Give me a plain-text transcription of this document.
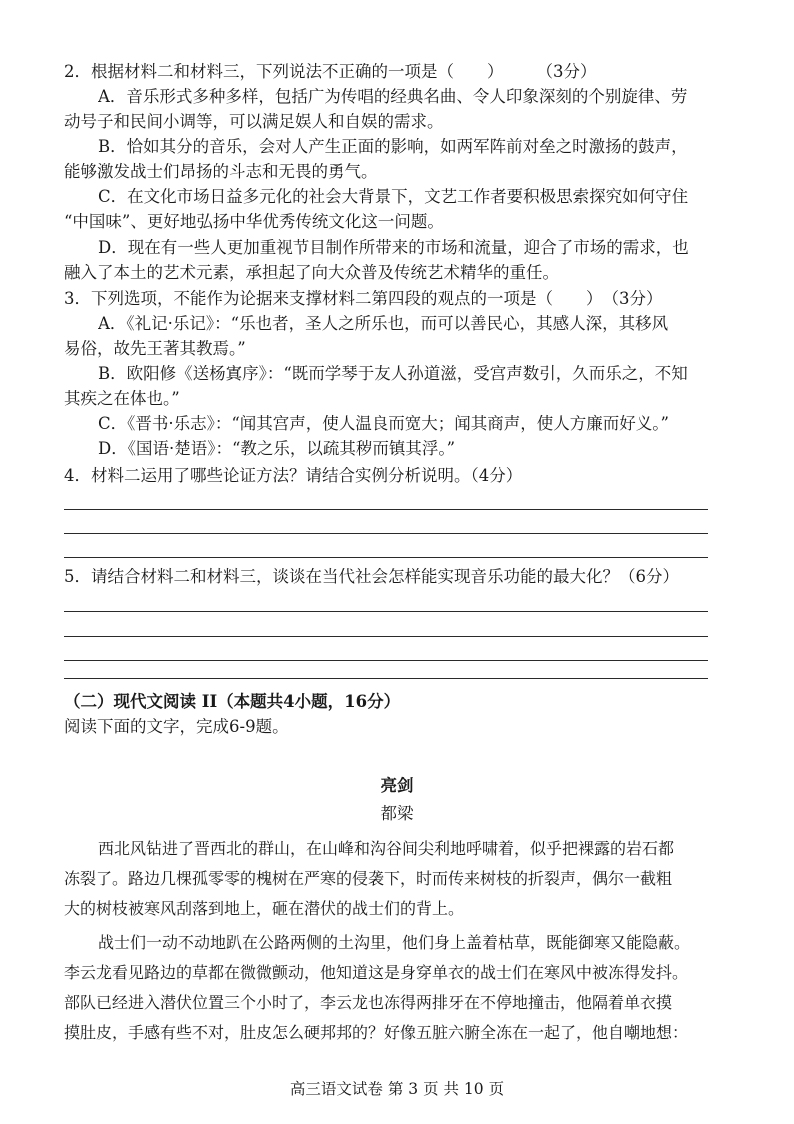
2．根据材料二和材料三，下列说法不正确的一项是（　　）　　　（3分）
A．音乐形式多种多样，包括广为传唱的经典名曲、令人印象深刻的个别旋律、劳
动号子和民间小调等，可以满足娱人和自娱的需求。
B．恰如其分的音乐，会对人产生正面的影响，如两军阵前对垒之时激扬的鼓声，
能够激发战士们昂扬的斗志和无畏的勇气。
C．在文化市场日益多元化的社会大背景下，文艺工作者要积极思索探究如何守住
“中国味”、更好地弘扬中华优秀传统文化这一问题。
D．现在有一些人更加重视节目制作所带来的市场和流量，迎合了市场的需求，也
融入了本土的艺术元素，承担起了向大众普及传统艺术精华的重任。
3．下列选项，不能作为论据来支撑材料二第四段的观点的一项是（　　）　（3分）
A．《礼记·乐记》：“乐也者，圣人之所乐也，而可以善民心，其感人深，其移风
易俗，故先王著其教焉。”
B．欧阳修《送杨寘序》：“既而学琴于友人孙道滋，受宫声数引，久而乐之，不知
其疾之在体也。”
C．《晋书·乐志》：“闻其宫声，使人温良而宽大；闻其商声，使人方廉而好义。”
D．《国语·楚语》：“教之乐，以疏其秽而镇其浮。”
4．材料二运用了哪些论证方法？请结合实例分析说明。（4分）
5．请结合材料二和材料三，谈谈在当代社会怎样能实现音乐功能的最大化？（6分）
（二）现代文阅读 II（本题共4小题，16分）
阅读下面的文字，完成6-9题。
亮剑
都梁
西北风钻进了晋西北的群山，在山峰和沟谷间尖利地呼啸着，似乎把裸露的岩石都
冻裂了。路边几棵孤零零的槐树在严寒的侵袭下，时而传来树枝的折裂声，偶尔一截粗
大的树枝被寒风刮落到地上，砸在潜伏的战士们的背上。
战士们一动不动地趴在公路两侧的土沟里，他们身上盖着枯草，既能御寒又能隐蔽。
李云龙看见路边的草都在微微颤动，他知道这是身穿单衣的战士们在寒风中被冻得发抖。
部队已经进入潜伏位置三个小时了，李云龙也冻得两排牙在不停地撞击，他隔着单衣摸
摸肚皮，手感有些不对，肚皮怎么硬邦邦的？好像五脏六腑全冻在一起了，他自嘲地想：
高三语文试卷 第 3 页 共 10 页
